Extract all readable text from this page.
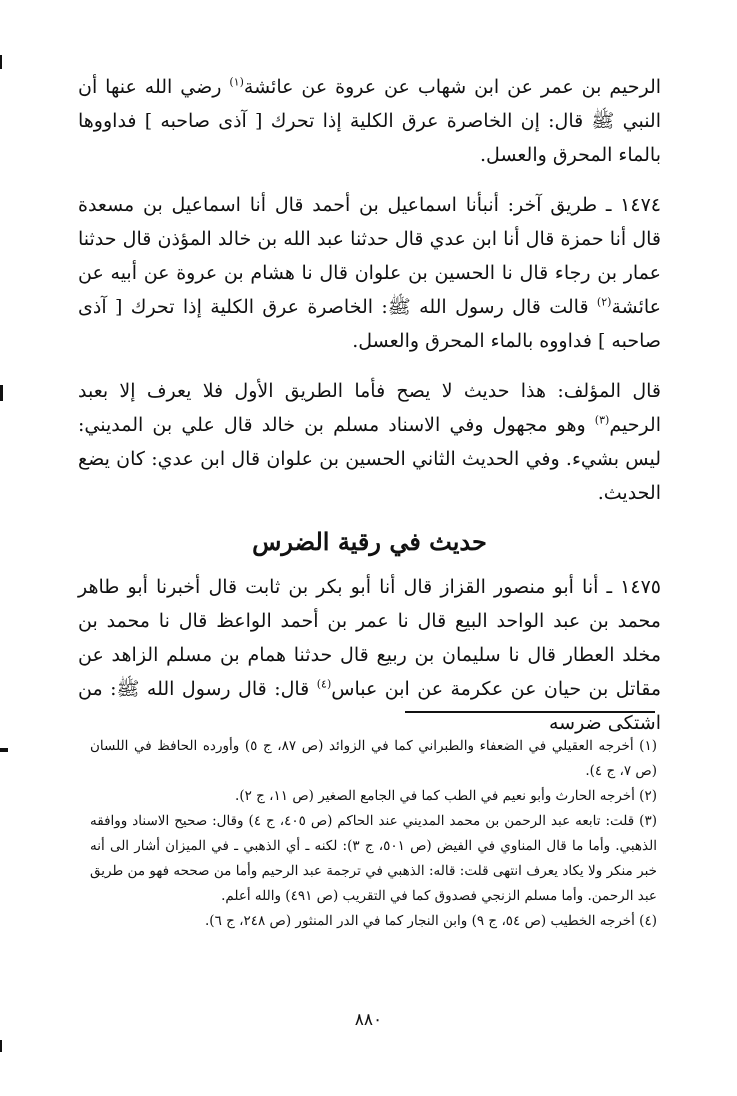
الرحيم بن عمر عن ابن شهاب عن عروة عن عائشة$^{(١)}$ رضي الله عنها أن النبي ﷺ قال: إن الخاصرة عرق الكلية إذا تحرك [ آذى صاحبه ] فداووها بالماء المحرق والعسل.

١٤٧٤ ـ طريق آخر: أنبأنا اسماعيل بن أحمد قال أنا اسماعيل بن مسعدة قال أنا حمزة قال أنا ابن عدي قال حدثنا عبد الله بن خالد المؤذن قال حدثنا عمار بن رجاء قال نا الحسين بن علوان قال نا هشام بن عروة عن أبيه عن عائشة$^{(٢)}$ قالت قال رسول الله ﷺ: الخاصرة عرق الكلية إذا تحرك [ آذى صاحبه ] فداووه بالماء المحرق والعسل.

قال المؤلف: هذا حديث لا يصح فأما الطريق الأول فلا يعرف إلا بعبد الرحيم$^{(٣)}$ وهو مجهول وفي الاسناد مسلم بن خالد قال علي بن المديني: ليس بشيء. وفي الحديث الثاني الحسين بن علوان قال ابن عدي: كان يضع الحديث.

حديث في رقية الضرس

١٤٧٥ ـ أنا أبو منصور القزاز قال أنا أبو بكر بن ثابت قال أخبرنا أبو طاهر محمد بن عبد الواحد البيع قال نا عمر بن أحمد الواعظ قال نا محمد بن مخلد العطار قال نا سليمان بن ربيع قال حدثنا همام بن مسلم الزاهد عن مقاتل بن حيان عن عكرمة عن ابن عباس$^{(٤)}$ قال: قال رسول الله ﷺ: من اشتكى ضرسه

(١) أخرجه العقيلي في الضعفاء والطبراني كما في الزوائد (ص ٨٧، ج ٥) وأورده الحافظ في اللسان (ص ٧، ج ٤).

(٢) أخرجه الحارث وأبو نعيم في الطب كما في الجامع الصغير (ص ١١، ج ٢).

(٣) قلت: تابعه عبد الرحمن بن محمد المديني عند الحاكم (ص ٤٠٥، ج ٤) وقال: صحيح الاسناد ووافقه الذهبي. وأما ما قال المناوي في الفيض (ص ٥٠١، ج ٣): لكنه ـ أي الذهبي ـ في الميزان أشار الى أنه خبر منكر ولا يكاد يعرف انتهى قلت: قاله: الذهبي في ترجمة عبد الرحيم وأما من صححه فهو من طريق عبد الرحمن. وأما مسلم الزنجي فصدوق كما في التقريب (ص ٤٩١) والله أعلم.

(٤) أخرجه الخطيب (ص ٥٤، ج ٩) وابن النجار كما في الدر المنثور (ص ٢٤٨، ج ٦).

٨٨٠
